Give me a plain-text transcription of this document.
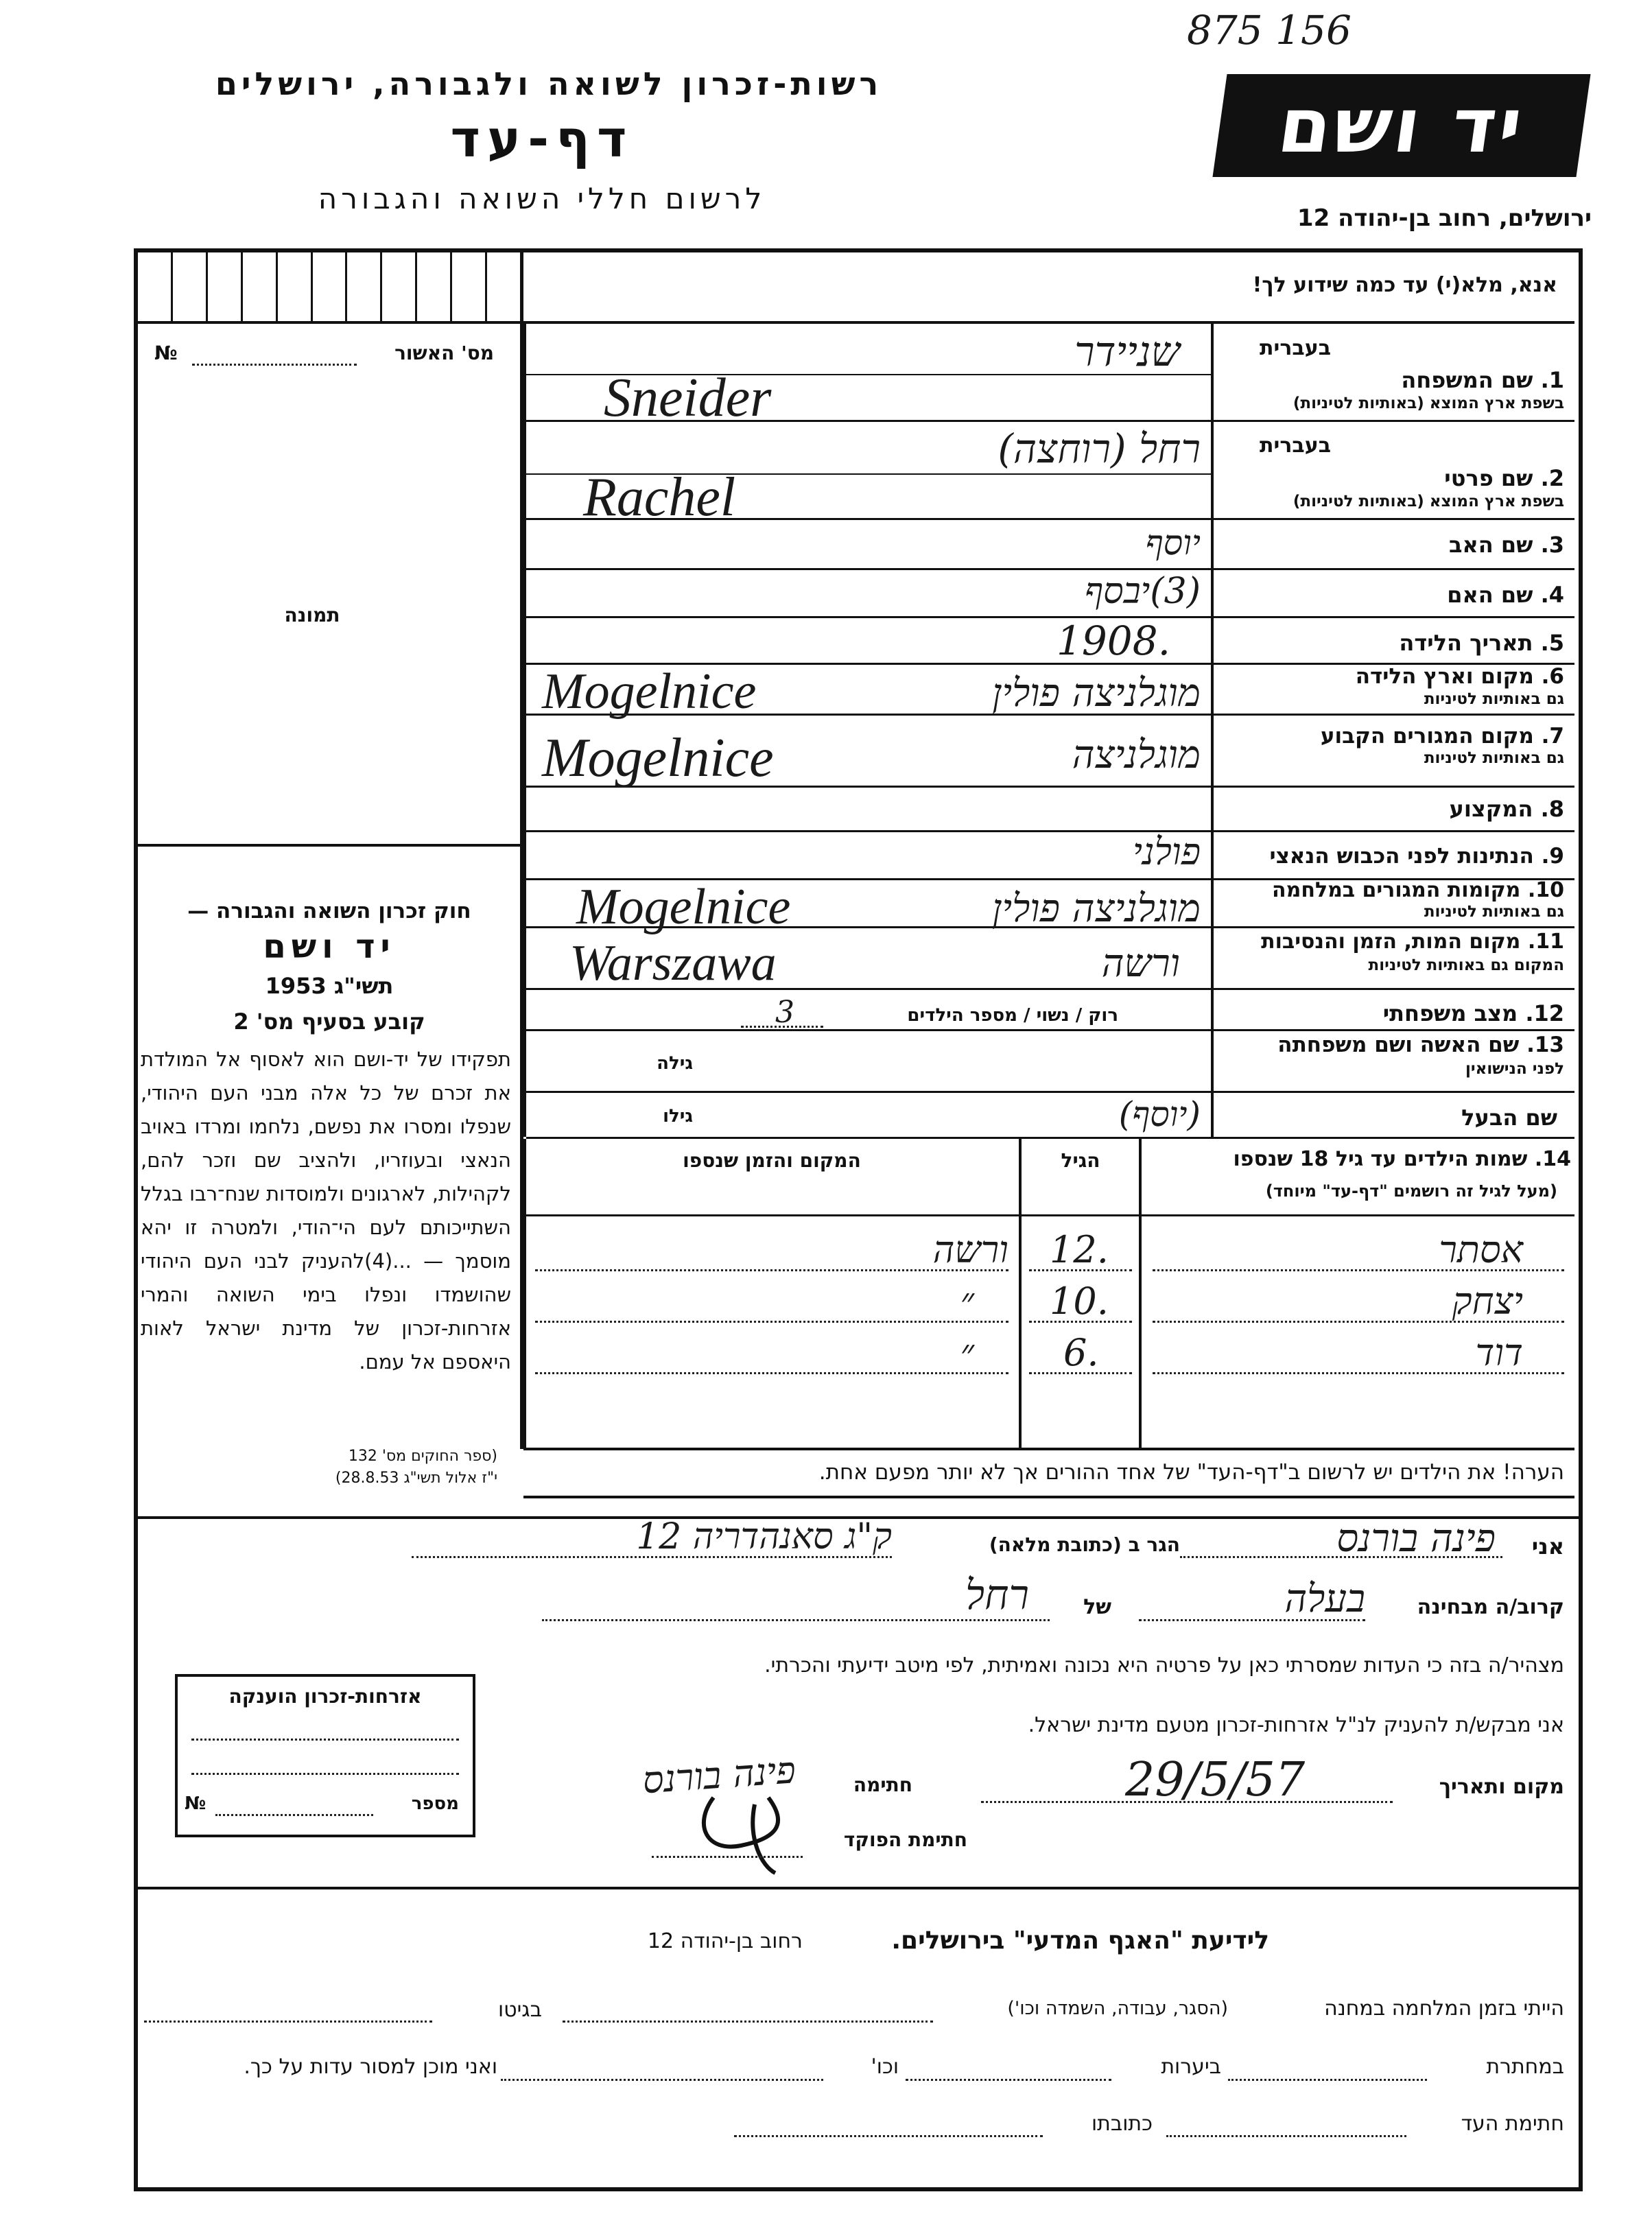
875 156
רשות-זכרון לשואה ולגבורה, ירושלים
דף-עד
לרשום חללי השואה והגבורה
יד ושם
ירושלים, רחוב בן-יהודה 12
מס' האשור
№
תמונה
חוק זכרון השואה והגבורה —
יד ושם
תשי"ג 1953
קובע בסעיף מס' 2
תפקידו של יד-ושם הוא לאסוף אל המולדת את זכרם של כל אלה מבני העם היהודי, שנפלו ומסרו את נפשם, נלחמו ומרדו באויב הנאצי ובעוזריו, ולהציב שם וזכר להם, לקהילות, לארגונים ולמוסדות שנח־רבו בגלל השתייכותם לעם הי־הודי, ולמטרה זו יהא מוסמך — ...(4)להעניק לבני העם היהודי שהושמדו ונפלו בימי השואה והמרי אזרחות-זכרון של מדינת ישראל לאות היאספם אל עמם.
(ספר החוקים מס' 132
י"ז אלול תשי"ג 28.8.53)
אנא, מלא(י) עד כמה שידוע לך!
בעברית
1. שם המשפחה
בשפת ארץ המוצא (באותיות לטיניות)
שניידר
Sneider
בעברית
2. שם פרטי
בשפת ארץ המוצא (באותיות לטיניות)
רחל (רוחצה)
Rachel
3. שם האב
יוסף
4. שם האם
(3)יבסף
5. תאריך הלידה
1908.
6. מקום וארץ הלידה
גם באותיות לטיניות
מוגלניצה פולין
Mogelnice
7. מקום המגורים הקבוע
גם באותיות לטיניות
מוגלניצה
Mogelnice
8. המקצוע
9. הנתינות לפני הכבוש הנאצי
פולני
10. מקומות המגורים במלחמה
גם באותיות לטיניות
מוגלניצה פולין
Mogelnice
11. מקום המות, הזמן והנסיבות
המקום גם באותיות לטיניות
ורשה
Warszawa
12. מצב משפחתי
רוק / נשוי / מספר הילדים
3
13. שם האשה ושם משפחתה
לפני הנישואין
גילה
שם הבעל
גילו	(יוסף)
14. שמות הילדים עד גיל 18 שנספו
(מעל לגיל זה רושמים "דף-עד" מיוחד)
הגיל
המקום והזמן שנספו
אסתר
12.
ורשה
יצחק
10.
״
דוד
6.
״
הערה! את הילדים יש לרשום ב"דף-העד" של אחד ההורים אך לא יותר מפעם אחת.
אני
פינה בורנס
הגר ב (כתובת מלאה)
ק"ג סאנהדריה 12
קרוב/ה מבחינה
בעלה
של
רחל
מצהיר/ה בזה כי העדות שמסרתי כאן על פרטיה היא נכונה ואמיתית, לפי מיטב ידיעתי והכרתי.
אני מבקש/ת להעניק לנ"ל אזרחות-זכרון מטעם מדינת ישראל.
מקום ותאריך
29/5/57
חתימה
פינה בורנס
חתימת הפוקד
אזרחות-זכרון הוענקה
מספר
№
לידיעת "האגף המדעי" בירושלים.
רחוב בן-יהודה 12
הייתי בזמן המלחמה במחנה
(הסגר, עבודה, השמדה וכו')
בגיטו
במחתרת
ביערות
וכו'
ואני מוכן למסור עדות על כך.
חתימת העד
כתובתו
